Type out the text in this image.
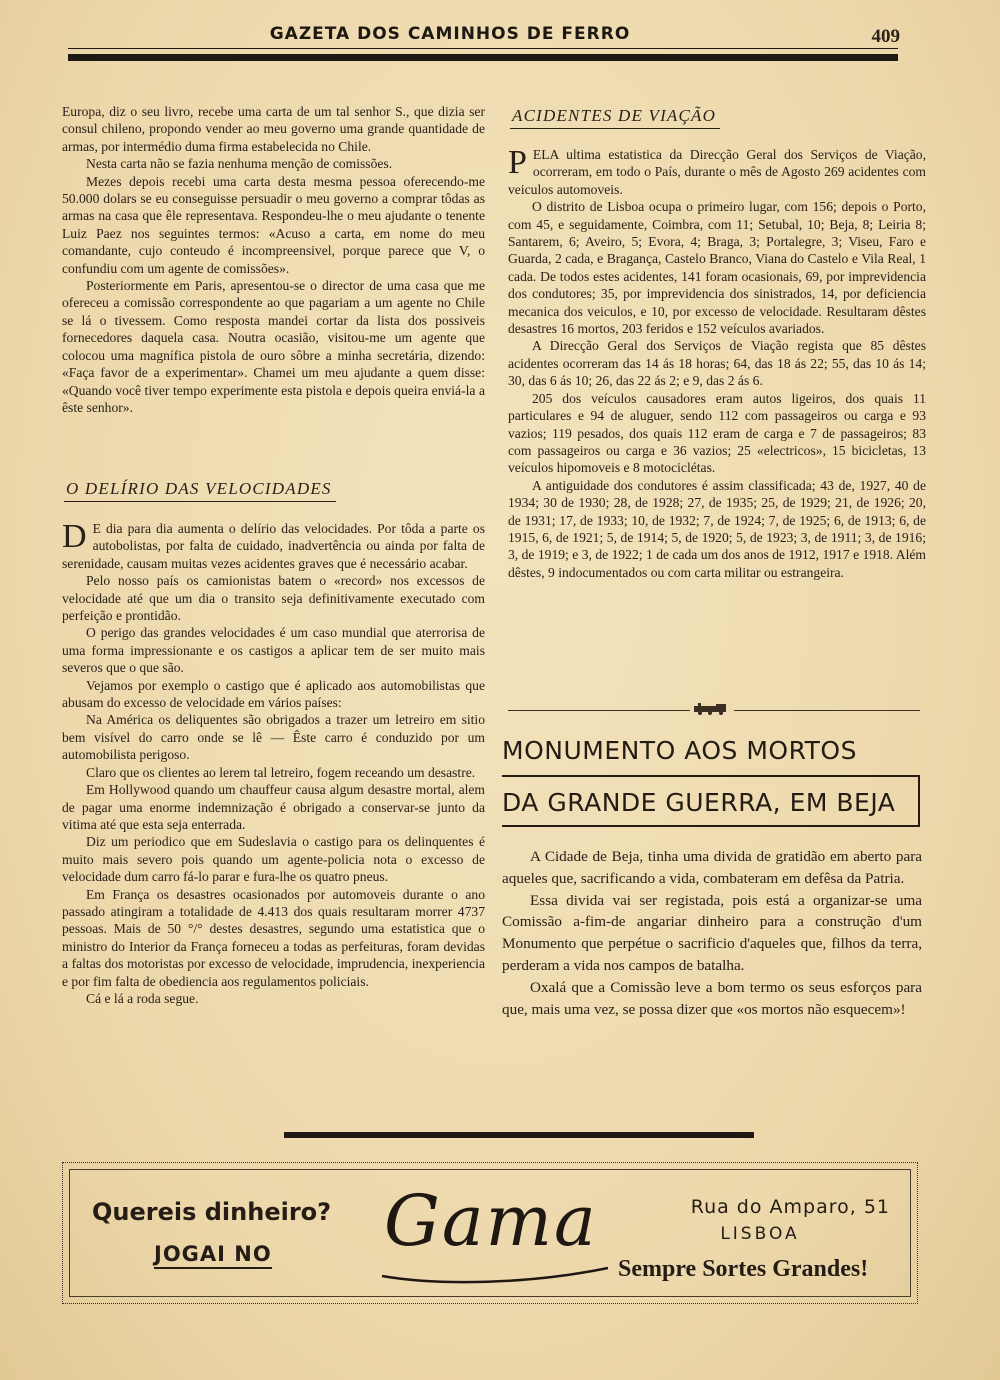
GAZETA DOS CAMINHOS DE FERRO	409

Europa, diz o seu livro, recebe uma carta de um tal senhor S., que dizia ser consul chileno, propondo vender ao meu governo uma grande quantidade de armas, por intermédio duma firma estabelecida no Chile.

Nesta carta não se fazia nenhuma menção de comissões.

Mezes depois recebi uma carta desta mesma pessoa oferecendo-me 50.000 dolars se eu conseguisse persuadir o meu governo a comprar tôdas as armas na casa que êle representava. Respondeu-lhe o meu ajudante o tenente Luiz Paez nos seguintes termos: «Acuso a carta, em nome do meu comandante, cujo conteudo é incompreensivel, porque parece que V, o confundiu com um agente de comissões».

Posteriormente em Paris, apresentou-se o director de uma casa que me ofereceu a comissão correspondente ao que pagariam a um agente no Chile se lá o tivessem. Como resposta mandei cortar da lista dos possiveis fornecedores daquela casa. Noutra ocasião, visitou-me um agente que colocou uma magnífica pistola de ouro sôbre a minha secretária, dizendo: «Faça favor de a experimentar». Chamei um meu ajudante a quem disse: «Quando você tiver tempo experimente esta pistola e depois queira enviá-la a êste senhor».

O DELÍRIO DAS VELOCIDADES

D E dia para dia aumenta o delírio das velocidades. Por tôda a parte os autobolistas, por falta de cuidado, inadvertência ou ainda por falta de serenidade, causam muitas vezes acidentes graves que é necessário acabar.

Pelo nosso país os camionistas batem o «record» nos excessos de velocidade até que um dia o transito seja definitivamente executado com perfeição e prontidão.

O perigo das grandes velocidades é um caso mundial que aterrorisa de uma forma impressionante e os castigos a aplicar tem de ser muito mais severos que o que são.

Vejamos por exemplo o castigo que é aplicado aos automobilistas que abusam do excesso de velocidade em vários países:

Na América os deliquentes são obrigados a trazer um letreiro em sitio bem visível do carro onde se lê — Êste carro é conduzido por um automobilista perigoso.

Claro que os clientes ao lerem tal letreiro, fogem receando um desastre.

Em Hollywood quando um chauffeur causa algum desastre mortal, alem de pagar uma enorme indemnização é obrigado a conservar-se junto da vitima até que esta seja enterrada.

Diz um periodico que em Sudeslavia o castigo para os delinquentes é muito mais severo pois quando um agente-policia nota o excesso de velocidade dum carro fá-lo parar e fura-lhe os quatro pneus.

Em França os desastres ocasionados por automoveis durante o ano passado atingiram a totalidade de 4.413 dos quais resultaram morrer 4737 pessoas. Mais de 50 °/° destes desastres, segundo uma estatistica que o ministro do Interior da França forneceu a todas as perfeituras, foram devidas a faltas dos motoristas por excesso de velocidade, imprudencia, inexperiencia e por fim falta de obediencia aos regulamentos policiais.

Cá e lá a roda segue.

ACIDENTES DE VIAÇÃO

PELA ultima estatistica da Direcção Geral dos Serviços de Viação, ocorreram, em todo o País, durante o mês de Agosto 269 acidentes com veiculos automoveis.

O distrito de Lisboa ocupa o primeiro lugar, com 156; depois o Porto, com 45, e seguidamente, Coimbra, com 11; Setubal, 10; Beja, 8; Leiria 8; Santarem, 6; Aveiro, 5; Evora, 4; Braga, 3; Portalegre, 3; Viseu, Faro e Guarda, 2 cada, e Bragança, Castelo Branco, Viana do Castelo e Vila Real, 1 cada. De todos estes acidentes, 141 foram ocasionais, 69, por imprevidencia dos condutores; 35, por imprevidencia dos sinistrados, 14, por deficiencia mecanica dos veiculos, e 10, por excesso de velocidade. Resultaram dêstes desastres 16 mortos, 203 feridos e 152 veículos avariados.

A Direcção Geral dos Serviços de Viação regista que 85 dêstes acidentes ocorreram das 14 ás 18 horas; 64, das 18 ás 22; 55, das 10 ás 14; 30, das 6 ás 10; 26, das 22 ás 2; e 9, das 2 ás 6.

205 dos veículos causadores eram autos ligeiros, dos quais 11 particulares e 94 de aluguer, sendo 112 com passageiros ou carga e 93 vazios; 119 pesados, dos quais 112 eram de carga e 7 de passageiros; 83 com passageiros ou carga e 36 vazios; 25 «electricos», 15 bicicletas, 13 veículos hipomoveis e 8 motociclétas.

A antiguidade dos condutores é assim classificada; 43 de, 1927, 40 de 1934; 30 de 1930; 28, de 1928; 27, de 1935; 25, de 1929; 21, de 1926; 20, de 1931; 17, de 1933; 10, de 1932; 7, de 1924; 7, de 1925; 6, de 1913; 6, de 1915, 6, de 1921; 5, de 1914; 5, de 1920; 5, de 1923; 3, de 1911; 3, de 1916; 3, de 1919; e 3, de 1922; 1 de cada um dos anos de 1912, 1917 e 1918. Além dêstes, 9 indocumentados ou com carta militar ou estrangeira.

MONUMENTO AOS MORTOS
DA GRANDE GUERRA, EM BEJA

A Cidade de Beja, tinha uma divida de gratidão em aberto para aqueles que, sacrificando a vida, combateram em defêsa da Patria.

Essa divida vai ser registada, pois está a organizar-se uma Comissão a-fim-de angariar dinheiro para a construção d'um Monumento que perpétue o sacrificio d'aqueles que, filhos da terra, perderam a vida nos campos de batalha.

Oxalá que a Comissão leve a bom termo os seus esforços para que, mais uma vez, se possa dizer que «os mortos não esquecem»!

Quereis dinheiro?
JOGAI NO Gama	Rua do Amparo, 51
LISBOA
Sempre Sortes Grandes!
